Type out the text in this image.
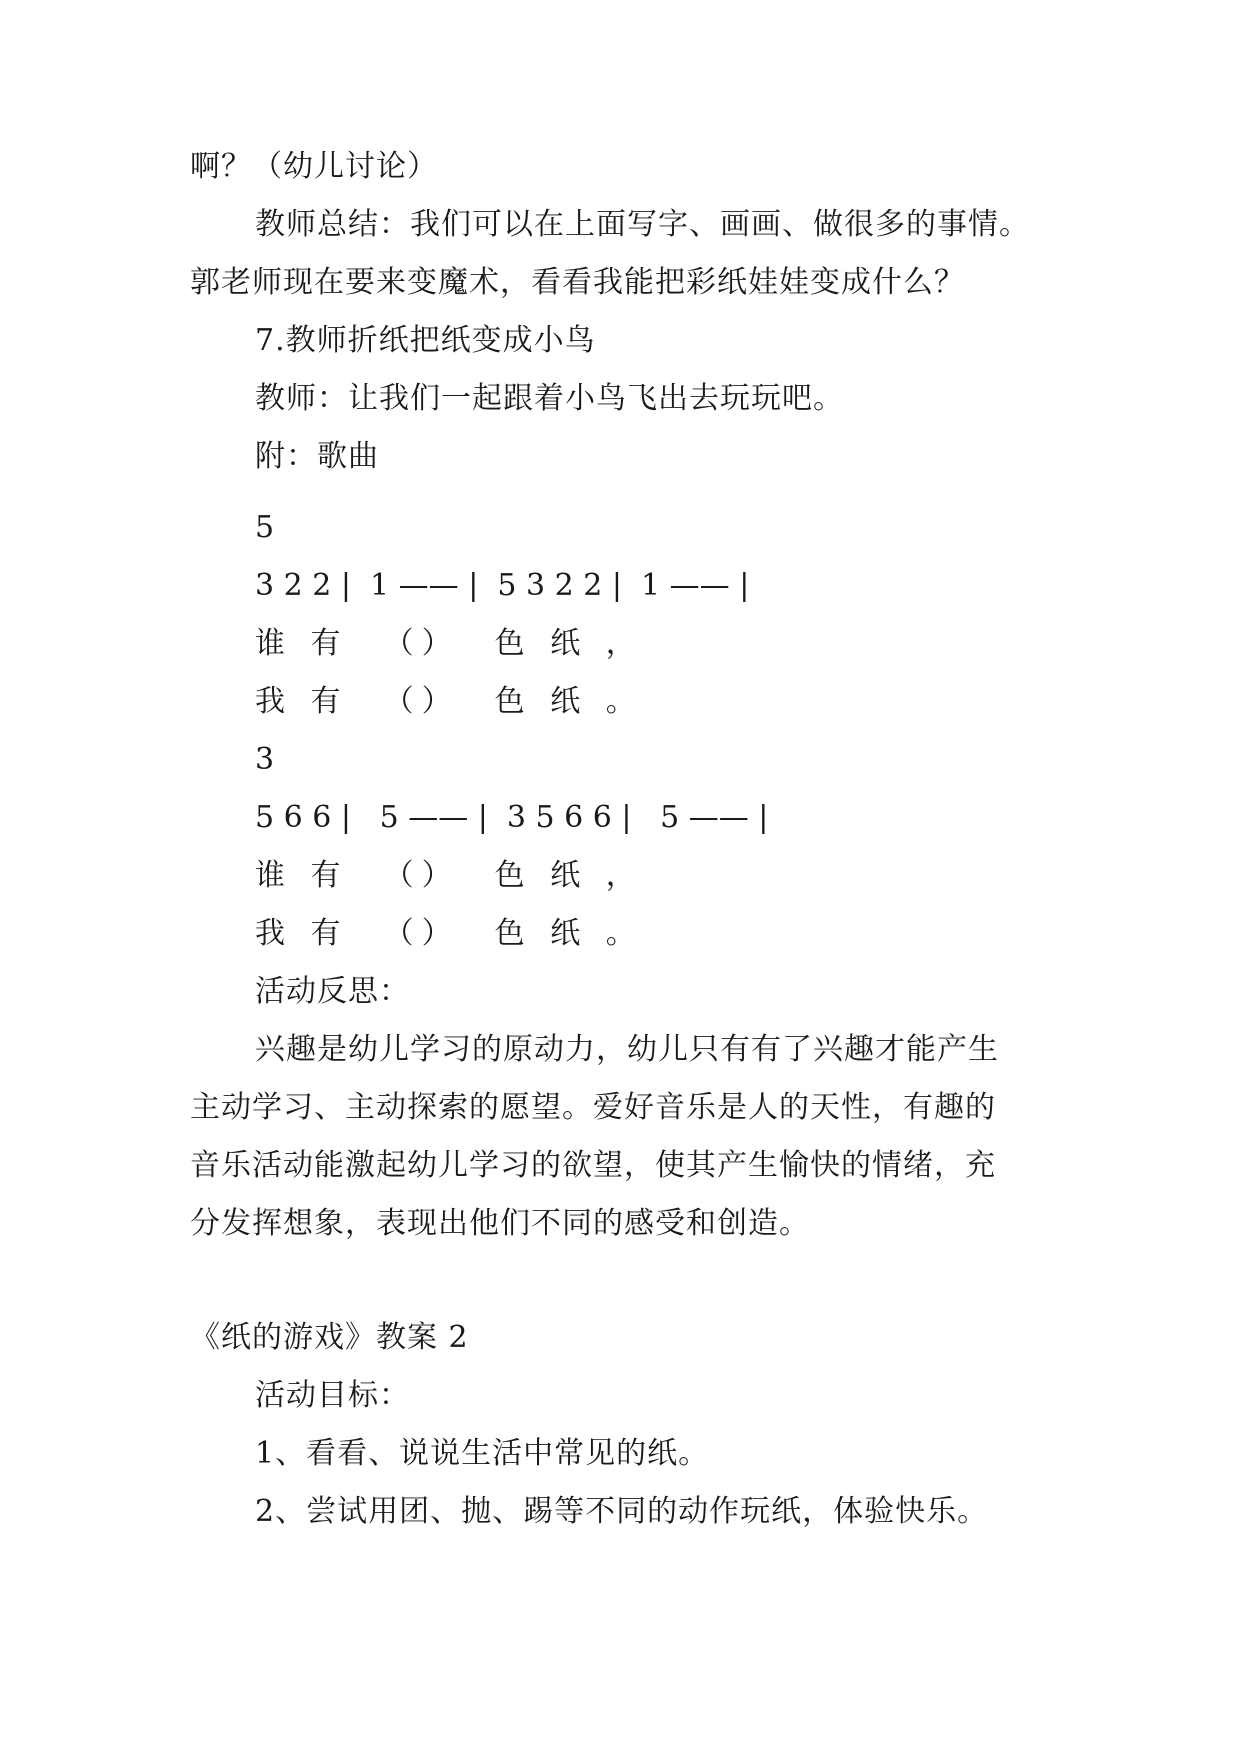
啊？（幼儿讨论）
教师总结：我们可以在上面写字、画画、做很多的事情。
郭老师现在要来变魔术，看看我能把彩纸娃娃变成什么？
7.教师折纸把纸变成小鸟
教师：让我们一起跟着小鸟飞出去玩玩吧。
附：歌曲
5
3 2 2 |  1 —— |  5 3 2 2 |  1 —— |
谁 有  （）  色 纸 ，
我 有  （）  色 纸 。
3
5 6 6 |   5 —— |  3 5 6 6 |   5 —— |
谁 有  （）  色 纸 ，
我 有  （）  色 纸 。
活动反思：
兴趣是幼儿学习的原动力，幼儿只有有了兴趣才能产生
主动学习、主动探索的愿望。爱好音乐是人的天性，有趣的
音乐活动能激起幼儿学习的欲望，使其产生愉快的情绪，充
分发挥想象，表现出他们不同的感受和创造。
《纸的游戏》教案 2
活动目标：
1、看看、说说生活中常见的纸。
2、尝试用团、抛、踢等不同的动作玩纸，体验快乐。
